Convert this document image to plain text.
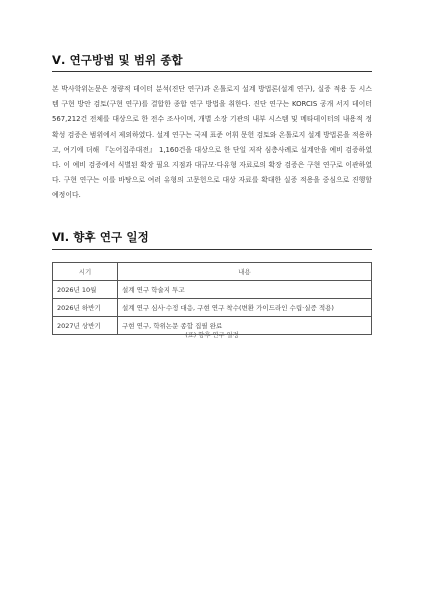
Ⅴ. 연구방법 및 범위 종합

본 박사학위논문은 정량적 데이터 분석(진단 연구)과 온톨로지 설계 방법론(설계 연구), 실증 적용 등 시스템 구현 방안 검토(구현 연구)를 결합한 종합 연구 방법을 취한다. 진단 연구는 KORCIS 공개 서지 데이터 567,212건 전체를 대상으로 한 전수 조사이며, 개별 소장 기관의 내부 시스템 및 메타데이터의 내용적 정확성 검증은 범위에서 제외하였다. 설계 연구는 국제 표준 어휘 문헌 검토와 온톨로지 설계 방법론을 적용하고, 여기에 더해 『논어집주대전』 1,160건을 대상으로 한 단일 저작 심층사례로 설계안을 예비 검증하였다. 이 예비 검증에서 식별된 확장 필요 지점과 대규모·다유형 자료로의 확장 검증은 구현 연구로 이관하였다. 구현 연구는 이를 바탕으로 여러 유형의 고문헌으로 대상 자료를 확대한 실증 적용을 중심으로 진행할 예정이다.

Ⅵ. 향후 연구 일정
시기	내용
2026년 10월	설계 연구 학술지 투고
2026년 하반기	설계 연구 심사·수정 대응, 구현 연구 착수(변환 가이드라인 수립·실증 적용)
2027년 상반기	구현 연구, 학위논문 종합 집필 완료
(표) 향후 연구 일정
